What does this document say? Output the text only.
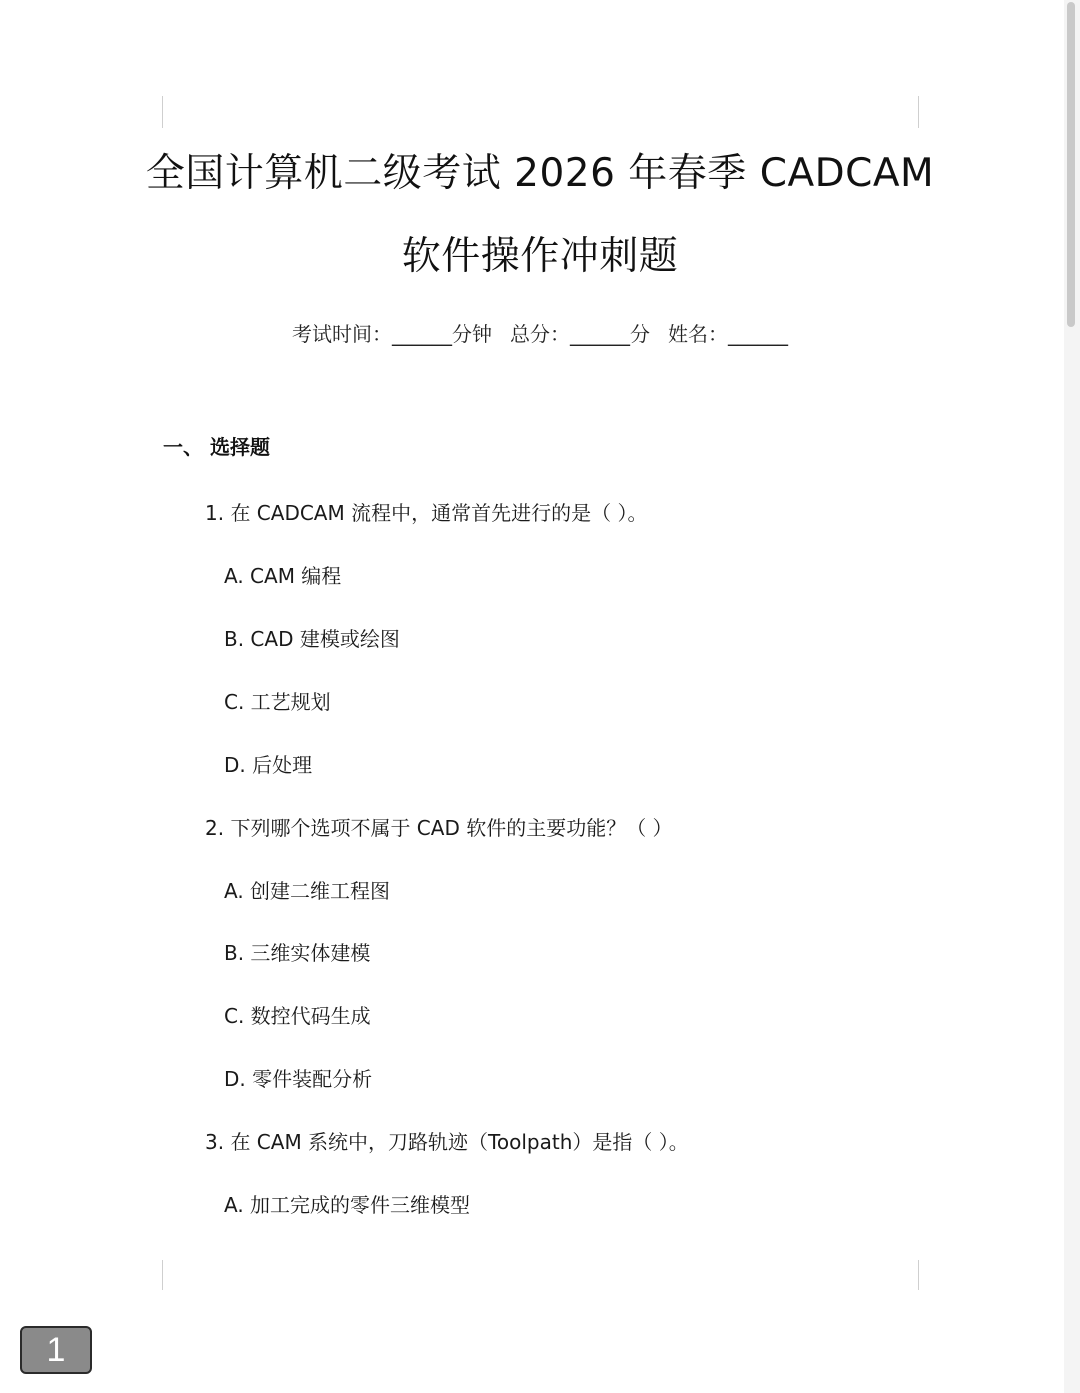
全国计算机二级考试 2026 年春季 CADCAM
软件操作冲刺题
考试时间：______分钟 总分：______分 姓名：______
一、 选择题
1. 在 CADCAM 流程中，通常首先进行的是（ ）。
A. CAM 编程
B. CAD 建模或绘图
C. 工艺规划
D. 后处理
2. 下列哪个选项不属于 CAD 软件的主要功能？（ ）
A. 创建二维工程图
B. 三维实体建模
C. 数控代码生成
D. 零件装配分析
3. 在 CAM 系统中，刀路轨迹（Toolpath）是指（ ）。
A. 加工完成的零件三维模型
1
